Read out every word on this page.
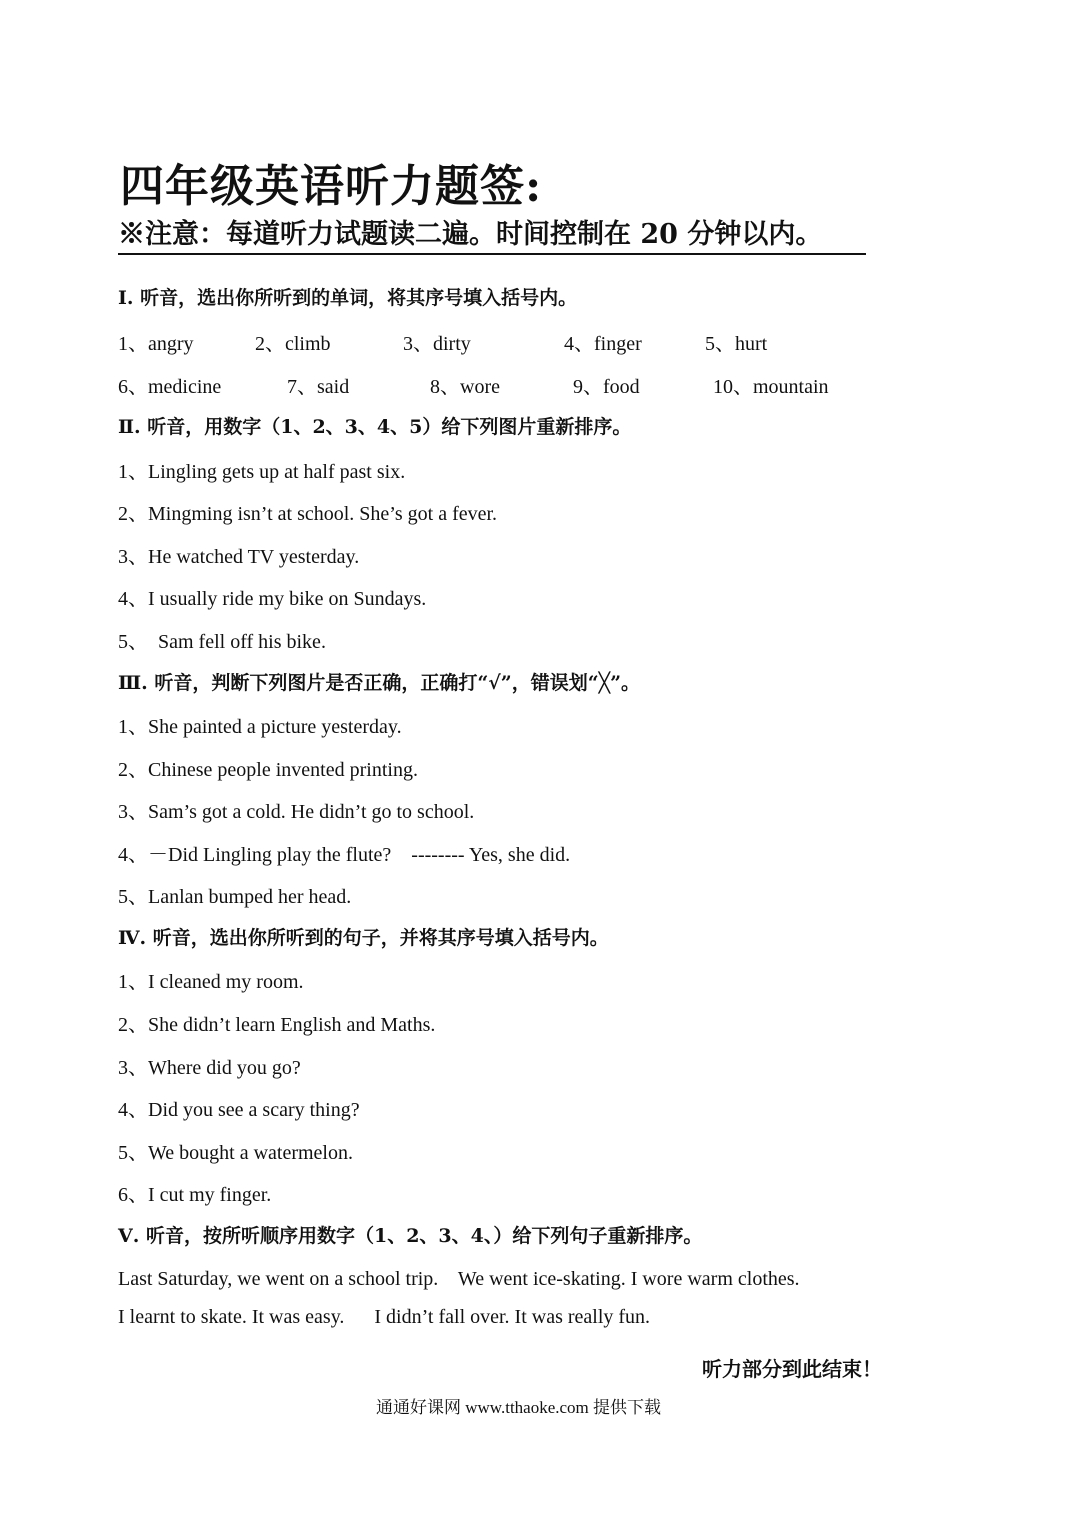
四年级英语听力题签:
※注意：每道听力试题读二遍。时间控制在 20 分钟以内。
Ⅰ. 听音，选出你所听到的单词，将其序号填入括号内。
1、angry	2、climb	3、dirty	4、finger	5、hurt
6、medicine	7、said	8、wore	9、food	10、mountain
Ⅱ. 听音，用数字（1、2、3、4、5）给下列图片重新排序。
1、Lingling gets up at half past six.
2、Mingming isn’t at school. She’s got a fever.
3、He watched TV yesterday.
4、I usually ride my bike on Sundays.
5、  Sam fell off his bike.
Ⅲ. 听音，判断下列图片是否正确，正确打“√”，错误划“╳”。
1、She painted a picture yesterday.
2、Chinese people invented printing.
3、Sam’s got a cold. He didn’t go to school.
4、－Did Lingling play the flute?    -------- Yes, she did.
5、Lanlan bumped her head.
Ⅳ. 听音，选出你所听到的句子，并将其序号填入括号内。
1、I cleaned my room.
2、She didn’t learn English and Maths.
3、Where did you go?
4、Did you see a scary thing?
5、We bought a watermelon.
6、I cut my finger.
Ⅴ. 听音，按所听顺序用数字（1、2、3、4、）给下列句子重新排序。
Last Saturday, we went on a school trip.    We went ice-skating. I wore warm clothes.
I learnt to skate. It was easy.      I didn’t fall over. It was really fun.
听力部分到此结束！
通通好课网 www.tthaoke.com 提供下载
